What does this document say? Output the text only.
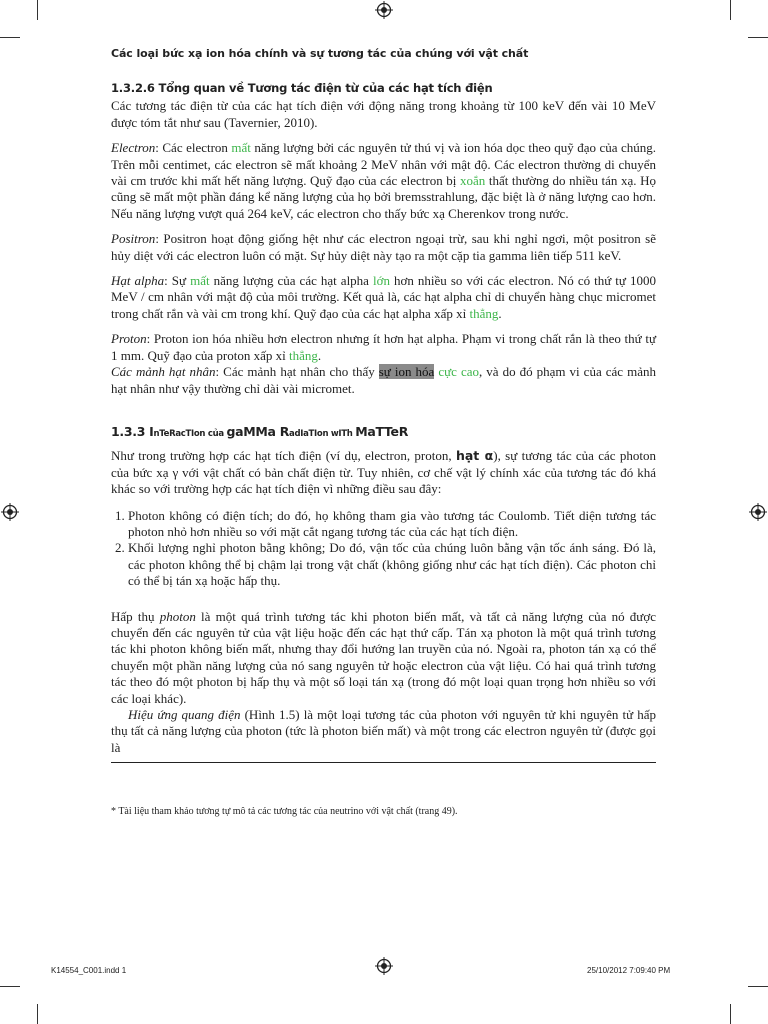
Các loại bức xạ ion hóa chính và sự tương tác của chúng với vật chất
1.3.2.6 Tổng quan về Tương tác điện từ của các hạt tích điện

Các tương tác điện từ của các hạt tích điện với động năng trong khoảng từ 100 keV đến vài 10 MeV được tóm tắt như sau (Tavernier, 2010).

Electron: Các electron mất năng lượng bởi các nguyên tử thú vị và ion hóa dọc theo quỹ đạo của chúng. Trên mỗi centimet, các electron sẽ mất khoảng 2 MeV nhân với mật độ. Các electron thường di chuyển vài cm trước khi mất hết năng lượng. Quỹ đạo của các electron bị xoắn thất thường do nhiều tán xạ. Họ cũng sẽ mất một phần đáng kể năng lượng của họ bởi bremsstrahlung, đặc biệt là ở năng lượng cao hơn. Nếu năng lượng vượt quá 264 keV, các electron cho thấy bức xạ Cherenkov trong nước.

Positron: Positron hoạt động giống hệt như các electron ngoại trừ, sau khi nghỉ ngơi, một positron sẽ hủy diệt với các electron luôn có mặt. Sự hủy diệt này tạo ra một cặp tia gamma liên tiếp 511 keV.

Hạt alpha: Sự mất năng lượng của các hạt alpha lớn hơn nhiều so với các electron. Nó có thứ tự 1000 MeV / cm nhân với mật độ của môi trường. Kết quả là, các hạt alpha chỉ di chuyển hàng chục micromet trong chất rắn và vài cm trong khí. Quỹ đạo của các hạt alpha xấp xỉ thẳng.

Proton: Proton ion hóa nhiều hơn electron nhưng ít hơn hạt alpha. Phạm vi trong chất rắn là theo thứ tự 1 mm. Quỹ đạo của proton xấp xỉ thẳng.

Các mảnh hạt nhân: Các mảnh hạt nhân cho thấy sự ion hóa cực cao, và do đó phạm vi của các mảnh hạt nhân như vậy thường chỉ dài vài micromet.

1.3.3 InTeRacTIon của gaMMa RadIaTIon wITh MaTTeR

Như trong trường hợp các hạt tích điện (ví dụ, electron, proton, hạt α), sự tương tác của các photon của bức xạ γ với vật chất có bản chất điện từ. Tuy nhiên, cơ chế vật lý chính xác của tương tác đó khá khác so với trường hợp các hạt tích điện vì những điều sau đây:

1. Photon không có điện tích; do đó, họ không tham gia vào tương tác Coulomb. Tiết diện tương tác photon nhỏ hơn nhiều so với mặt cắt ngang tương tác của các hạt tích điện.
2. Khối lượng nghỉ photon bằng không; Do đó, vận tốc của chúng luôn bằng vận tốc ánh sáng. Đó là, các photon không thể bị chậm lại trong vật chất (không giống như các hạt tích điện). Các photon chỉ có thể bị tán xạ hoặc hấp thụ.

Hấp thụ photon là một quá trình tương tác khi photon biến mất, và tất cả năng lượng của nó được chuyển đến các nguyên tử của vật liệu hoặc đến các hạt thứ cấp. Tán xạ photon là một quá trình tương tác khi photon không biến mất, nhưng thay đổi hướng lan truyền của nó. Ngoài ra, photon tán xạ có thể chuyển một phần năng lượng của nó sang nguyên tử hoặc electron của vật liệu. Có hai quá trình tương tác theo đó một photon bị hấp thụ và một số loại tán xạ (trong đó một loại quan trọng hơn nhiều so với các loại khác).

Hiệu ứng quang điện (Hình 1.5) là một loại tương tác của photon với nguyên tử khi nguyên tử hấp thụ tất cả năng lượng của photon (tức là photon biến mất) và một trong các electron nguyên tử (được gọi là

* Tài liệu tham khảo tương tự mô tả các tương tác của neutrino với vật chất (trang 49).
K14554_C001.indd 1	25/10/2012 7:09:40 PM
